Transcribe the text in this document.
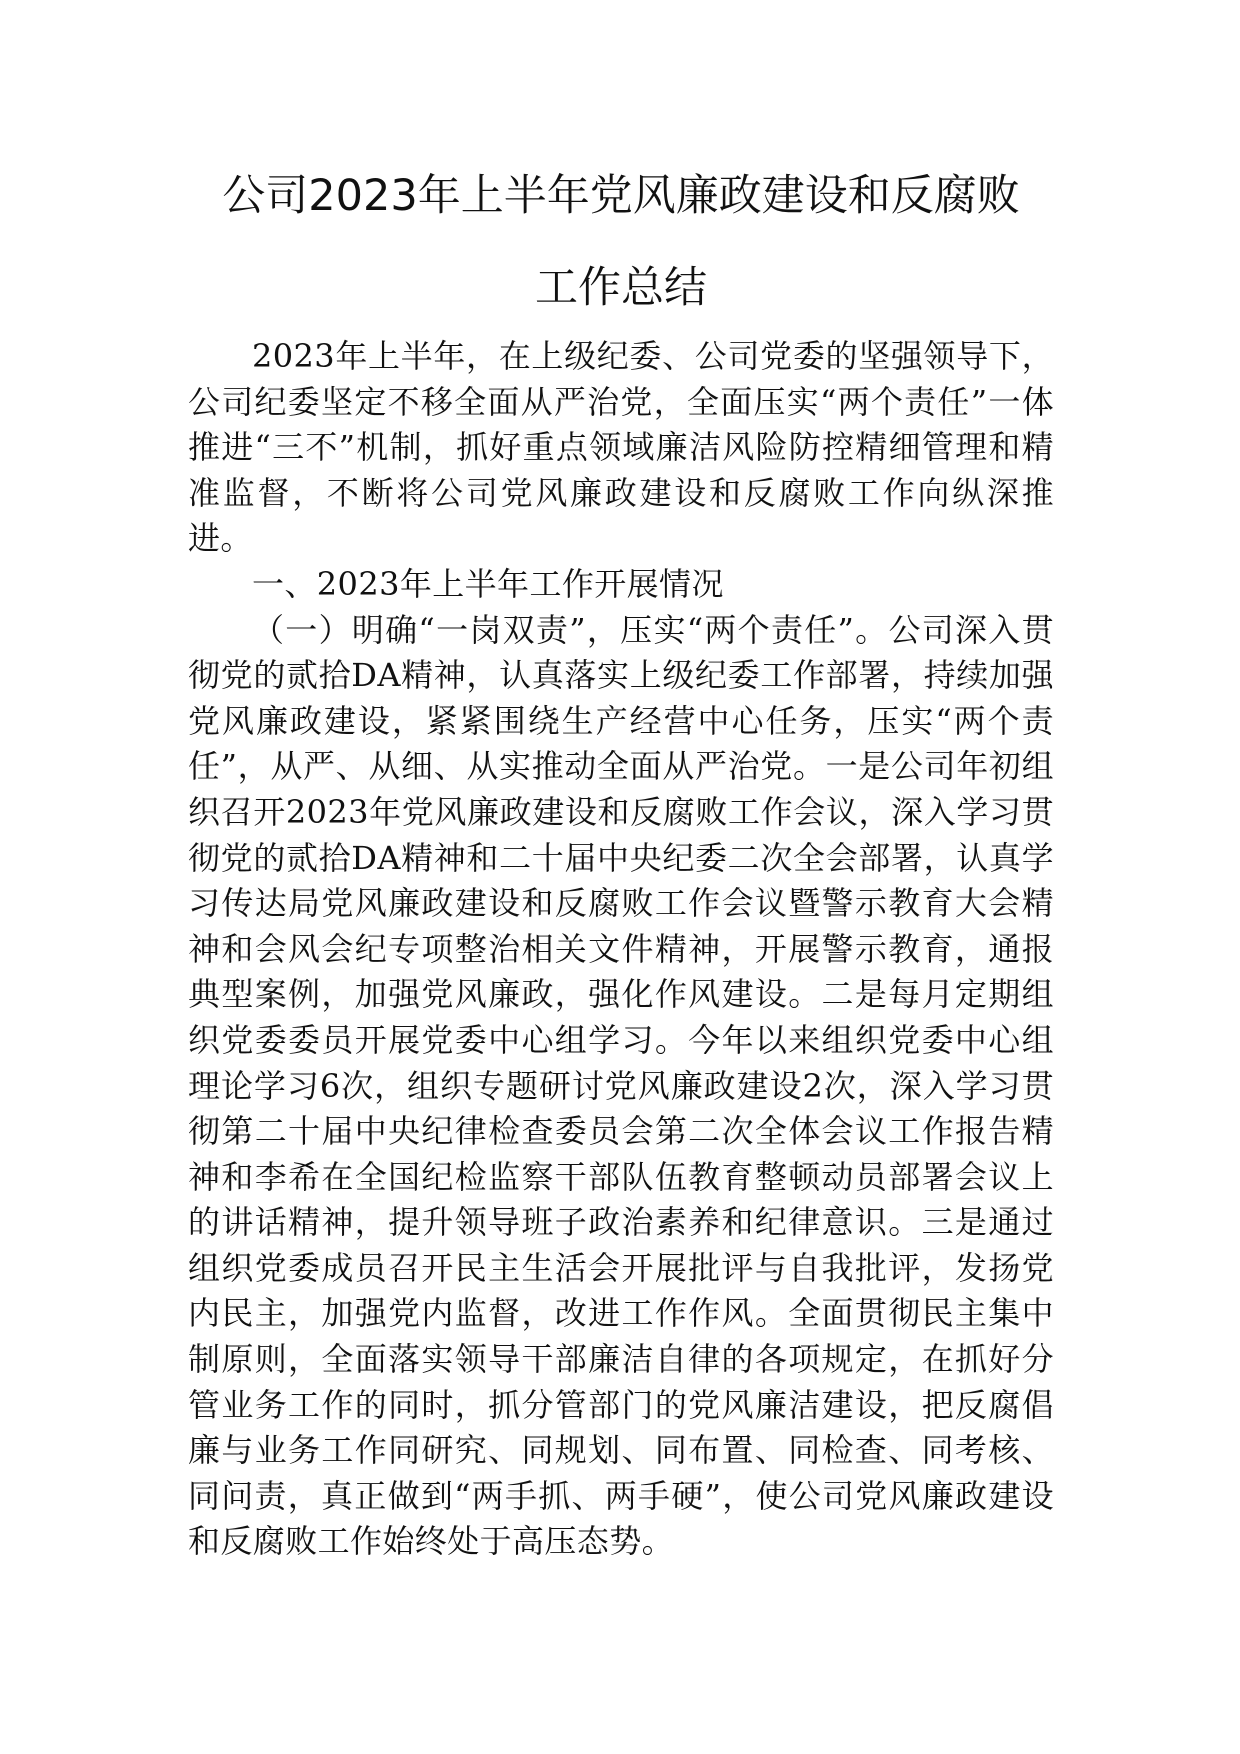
公司2023年上半年党风廉政建设和反腐败
工作总结

2023年上半年，在上级纪委、公司党委的坚强领导下，公司纪委坚定不移全面从严治党，全面压实“两个责任”一体推进“三不”机制，抓好重点领域廉洁风险防控精细管理和精准监督，不断将公司党风廉政建设和反腐败工作向纵深推进。

一、2023年上半年工作开展情况

（一）明确“一岗双责”，压实“两个责任”。公司深入贯彻党的贰拾DA精神，认真落实上级纪委工作部署，持续加强党风廉政建设，紧紧围绕生产经营中心任务，压实“两个责任”，从严、从细、从实推动全面从严治党。一是公司年初组织召开2023年党风廉政建设和反腐败工作会议，深入学习贯彻党的贰拾DA精神和二十届中央纪委二次全会部署，认真学习传达局党风廉政建设和反腐败工作会议暨警示教育大会精神和会风会纪专项整治相关文件精神，开展警示教育，通报典型案例，加强党风廉政，强化作风建设。二是每月定期组织党委委员开展党委中心组学习。今年以来组织党委中心组理论学习6次，组织专题研讨党风廉政建设2次，深入学习贯彻第二十届中央纪律检查委员会第二次全体会议工作报告精神和李希在全国纪检监察干部队伍教育整顿动员部署会议上的讲话精神，提升领导班子政治素养和纪律意识。三是通过组织党委成员召开民主生活会开展批评与自我批评，发扬党内民主，加强党内监督，改进工作作风。全面贯彻民主集中制原则，全面落实领导干部廉洁自律的各项规定，在抓好分管业务工作的同时，抓分管部门的党风廉洁建设，把反腐倡廉与业务工作同研究、同规划、同布置、同检查、同考核、同问责，真正做到“两手抓、两手硬”，使公司党风廉政建设和反腐败工作始终处于高压态势。
